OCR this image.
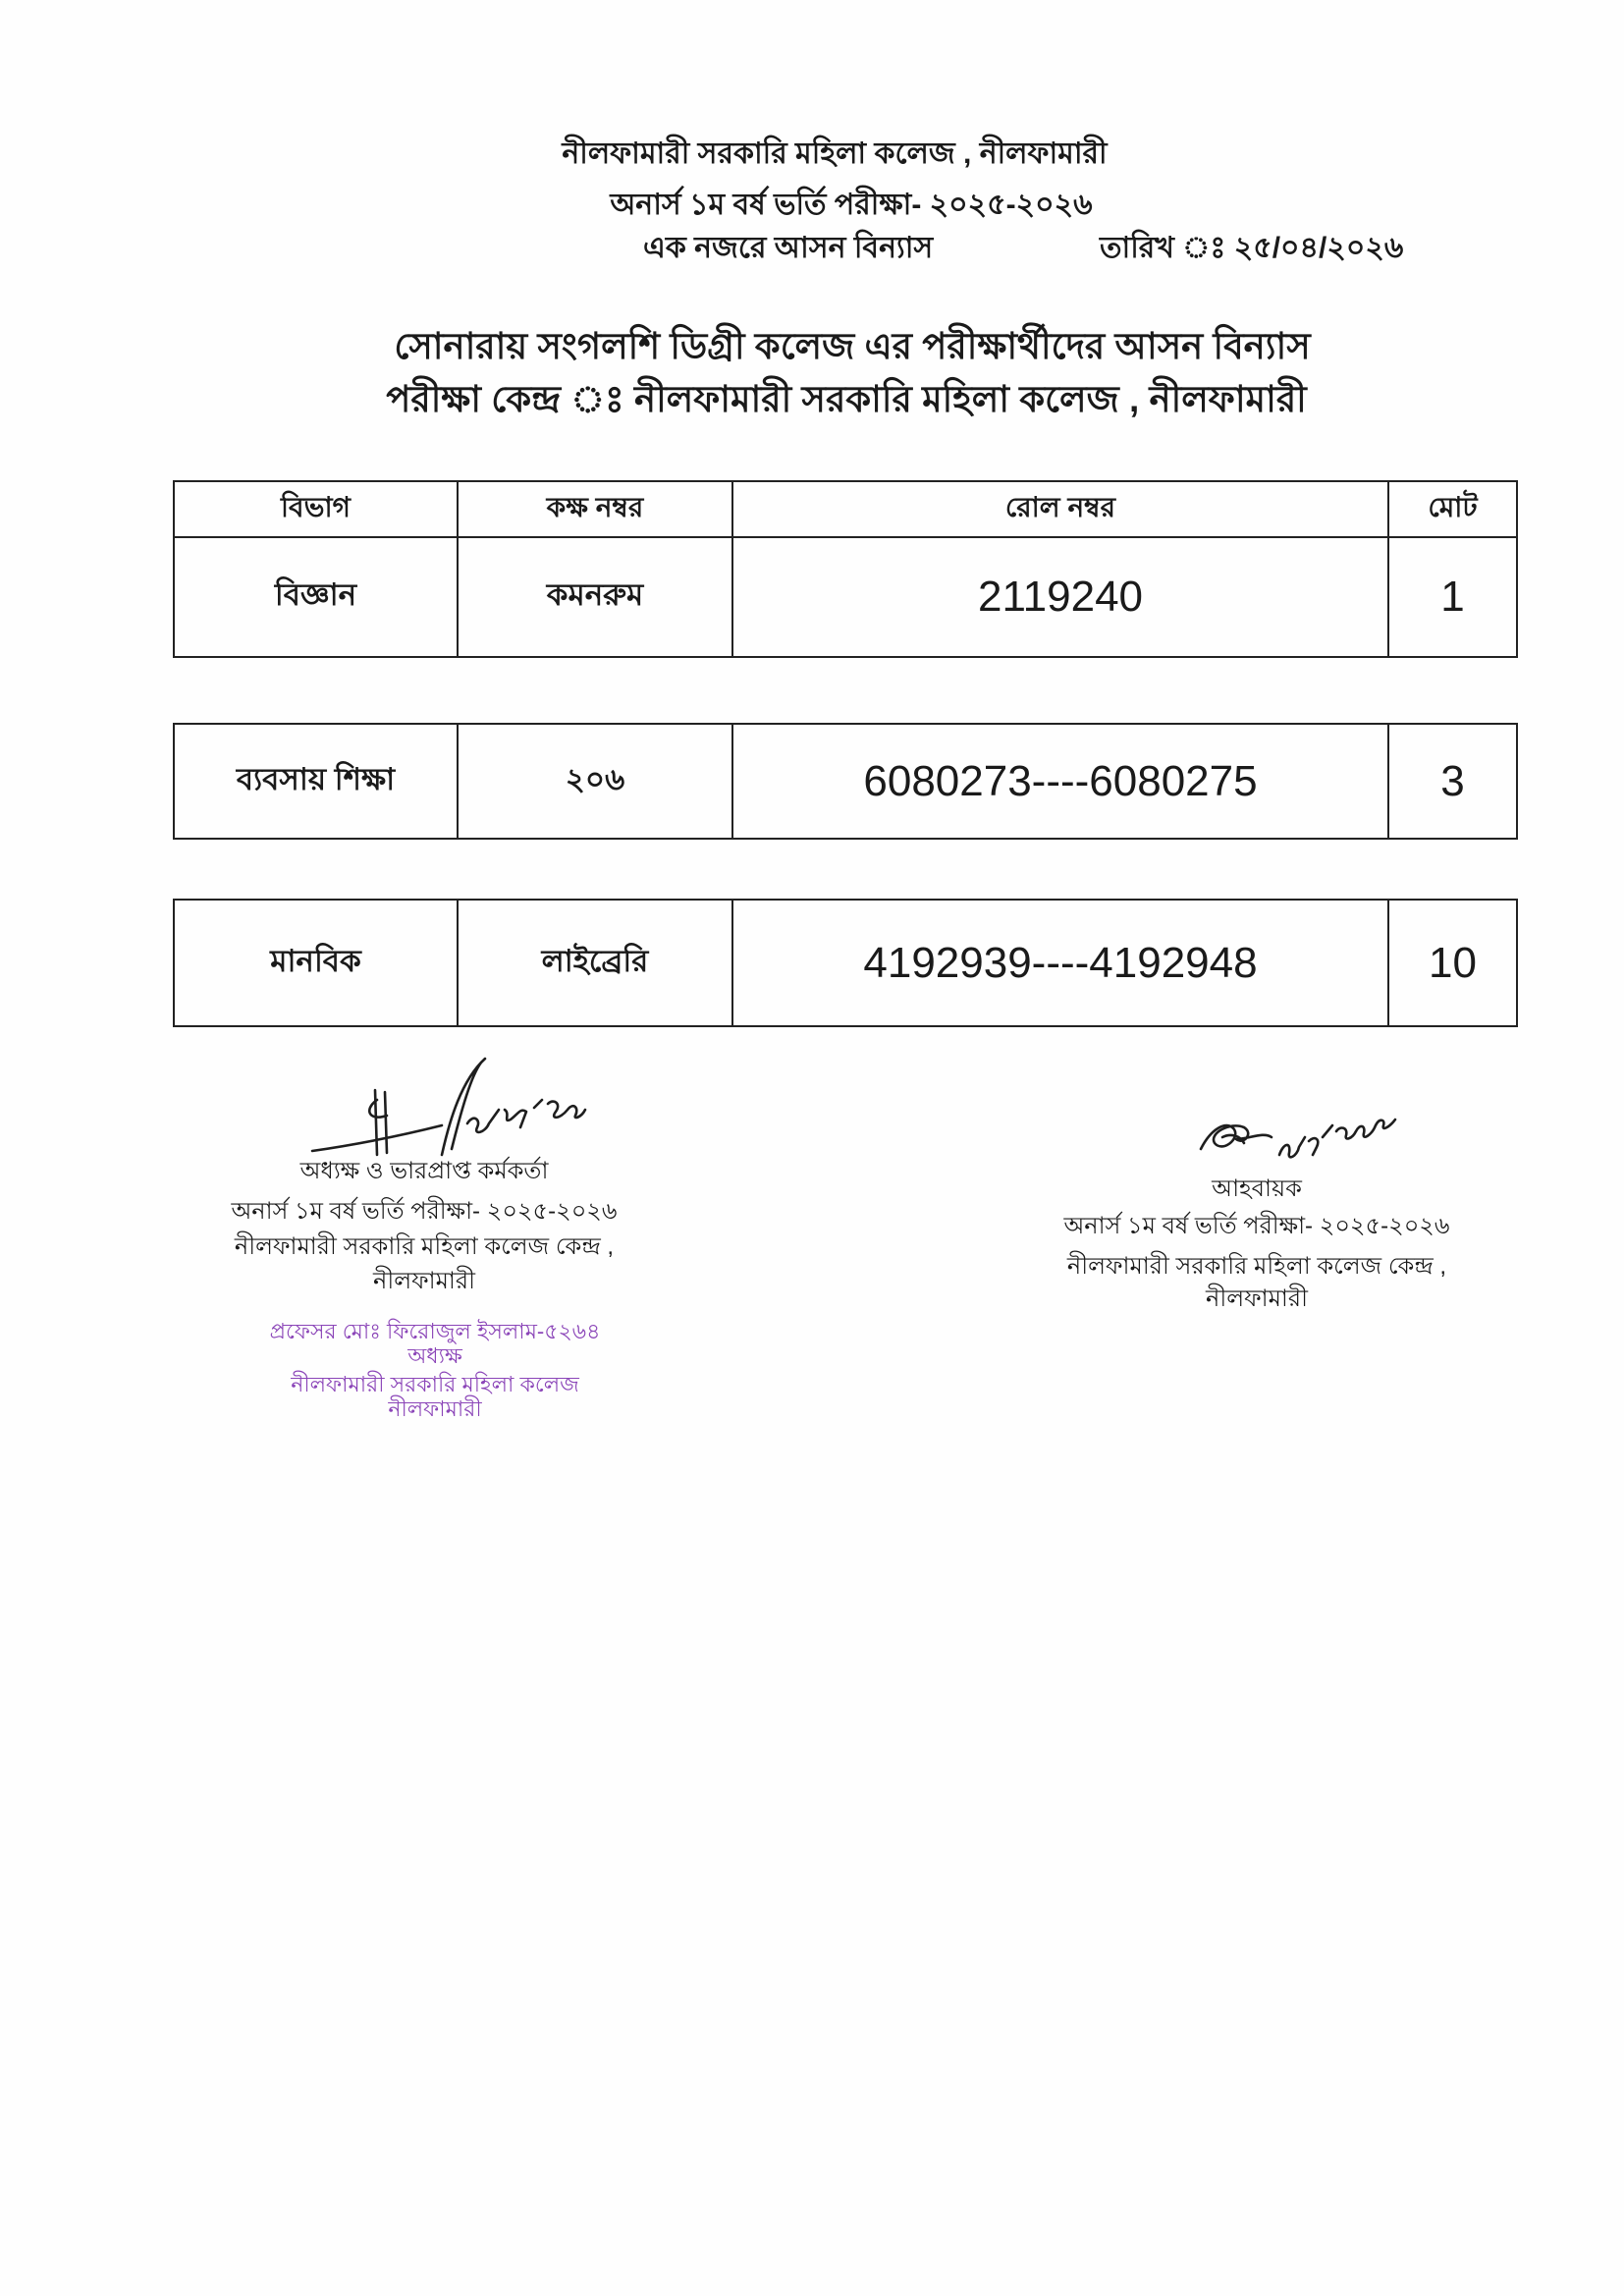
নীলফামারী সরকারি মহিলা কলেজ , নীলফামারী
অনার্স ১ম বর্ষ ভর্তি পরীক্ষা- ২০২৫-২০২৬
এক নজরে আসন বিন্যাস	তারিখ ঃ ২৫/০৪/২০২৬
সোনারায় সংগলশি ডিগ্রী কলেজ এর পরীক্ষার্থীদের আসন বিন্যাস
পরীক্ষা কেন্দ্র ঃ নীলফামারী সরকারি মহিলা কলেজ , নীলফামারী
বিভাগ	কক্ষ নম্বর	রোল নম্বর	মোট
বিজ্ঞান	কমনরুম	2119240	1
ব্যবসায় শিক্ষা	২০৬	6080273----6080275	3
মানবিক	লাইব্রেরি	4192939----4192948	10
অধ্যক্ষ ও ভারপ্রাপ্ত কর্মকর্তা
অনার্স ১ম বর্ষ ভর্তি পরীক্ষা- ২০২৫-২০২৬
নীলফামারী সরকারি মহিলা কলেজ কেন্দ্র ,
নীলফামারী
প্রফেসর মোঃ ফিরোজুল ইসলাম-৫২৬৪
অধ্যক্ষ
নীলফামারী সরকারি মহিলা কলেজ
নীলফামারী
আহবায়ক
অনার্স ১ম বর্ষ ভর্তি পরীক্ষা- ২০২৫-২০২৬
নীলফামারী সরকারি মহিলা কলেজ কেন্দ্র ,
নীলফামারী
